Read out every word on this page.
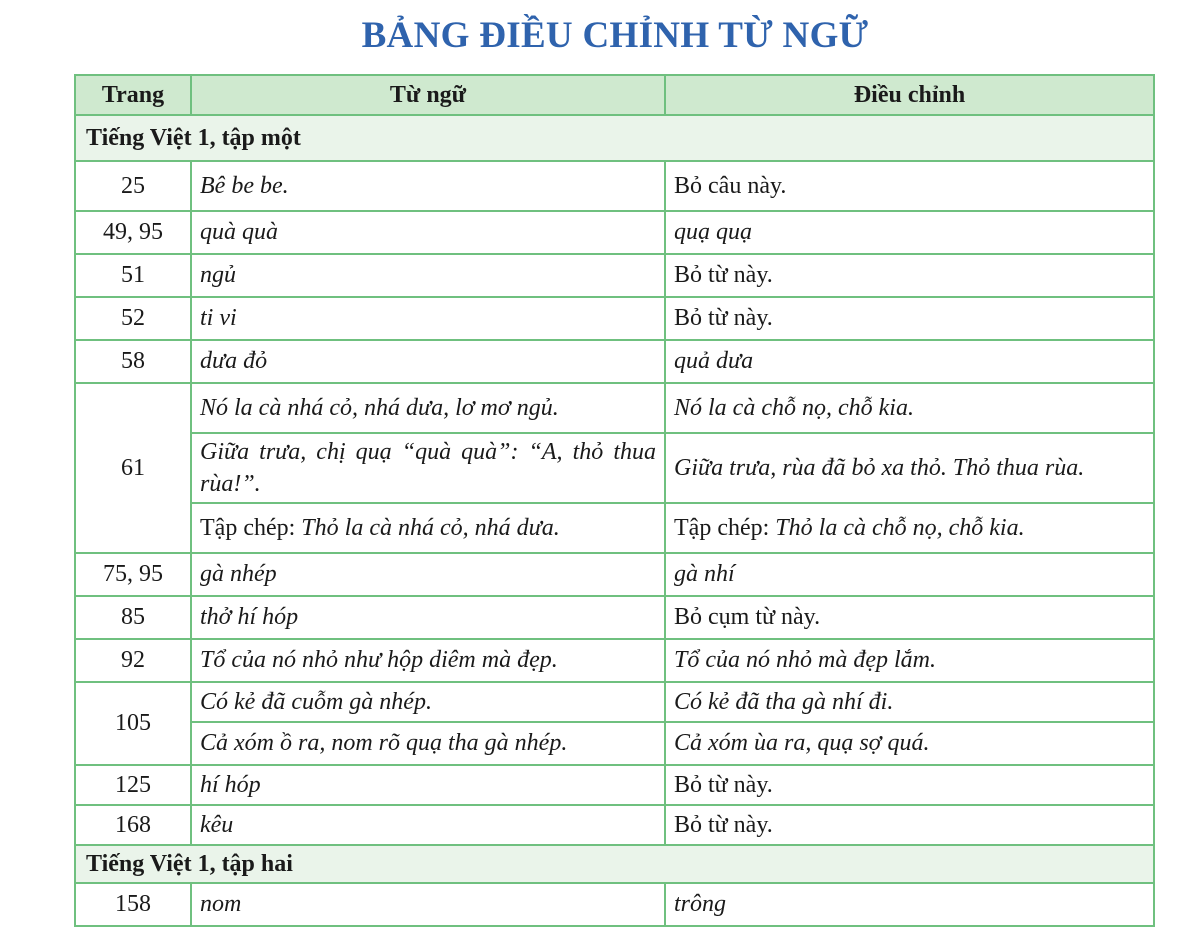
BẢNG ĐIỀU CHỈNH TỪ NGỮ
Trang	Từ ngữ	Điều chỉnh
Tiếng Việt 1, tập một		
25	Bê be be.	Bỏ câu này.
49, 95	quà quà	quạ quạ
51	ngủ	Bỏ từ này.
52	ti vi	Bỏ từ này.
58	dưa đỏ	quả dưa
61	Nó la cà nhá cỏ, nhá dưa, lơ mơ ngủ.	Nó la cà chỗ nọ, chỗ kia.
	Giữa trưa, chị quạ “quà quà”: “A, thỏ thua rùa!”.	Giữa trưa, rùa đã bỏ xa thỏ. Thỏ thua rùa.
	Tập chép: Thỏ la cà nhá cỏ, nhá dưa.	Tập chép: Thỏ la cà chỗ nọ, chỗ kia.
75, 95	gà nhép	gà nhí
85	thở hí hóp	Bỏ cụm từ này.
92	Tổ của nó nhỏ như hộp diêm mà đẹp.	Tổ của nó nhỏ mà đẹp lắm.
105	Có kẻ đã cuỗm gà nhép.	Có kẻ đã tha gà nhí đi.
	Cả xóm ồ ra, nom rõ quạ tha gà nhép.	Cả xóm ùa ra, quạ sợ quá.
125	hí hóp	Bỏ từ này.
168	kêu	Bỏ từ này.
Tiếng Việt 1, tập hai		
158	nom	trông
